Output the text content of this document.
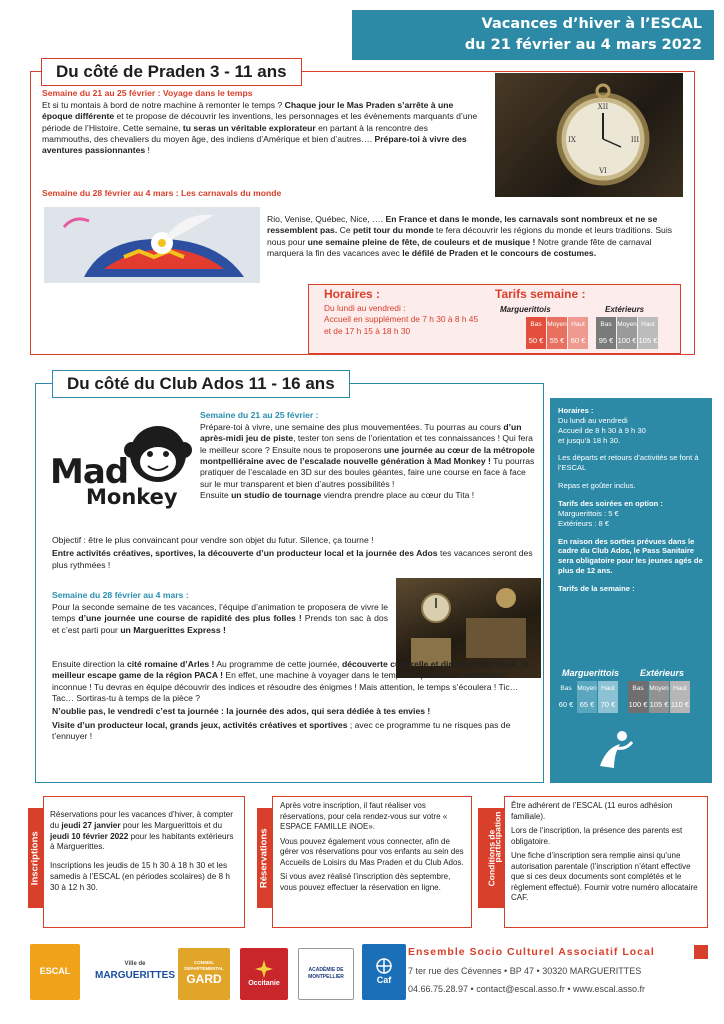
Vacances d’hiver à l’ESCAL
du 21 février au 4 mars 2022
Du côté de Praden 3 - 11 ans
Semaine du 21 au 25 février : Voyage dans le temps
Et si tu montais à bord de notre machine à remonter le temps ? Chaque jour le Mas Praden s’arrête à une époque différente et te propose de découvrir les inventions, les personnages et les évènements marquants d’une période de l’Histoire. Cette semaine, tu seras un véritable explorateur en partant à la rencontre des mammouths, des chevaliers du moyen âge, des indiens d’Amérique et bien d’autres…. Prépare-toi à vivre des aventures passionnantes !
XII
III
VI
IX
Semaine du 28 février au 4 mars : Les carnavals du monde
Rio, Venise, Québec, Nice, …. En France et dans le monde, les carnavals sont nombreux et ne se ressemblent pas. Ce petit tour du monde te fera découvrir les régions du monde et leurs traditions. Suis nous pour une semaine pleine de fête, de couleurs et de musique ! Notre grande fête de carnaval marquera la fin des vacances avec le défilé de Praden et le concours de costumes.
Horaires :
Du lundi au vendredi :
Accueil en supplément de 7 h 30 à 8 h 45
et de 17 h 15 à 18 h 30
Tarifs semaine :
Marguerittois	Extérieurs
Bas
50 €
Moyen
55 €
Haut
60 €
Bas
95 €
Moyen
100 €
Haut
105 €
Du côté du Club Ados 11 - 16 ans
Mad
Monkey
Semaine du 21 au 25 février :
Prépare-toi à vivre, une semaine des plus mouvementées. Tu pourras au cours d’un après-midi jeu de piste, tester ton sens de l’orientation et tes connaissances ! Qui fera le meilleur score ? Ensuite nous te proposerons une journée au cœur de la métropole montpelliéraine avec de l’escalade nouvelle génération à Mad Monkey ! Tu pourras pratiquer de l’escalade en 3D sur des boules géantes, faire une course en face à face sur le mur transparent et bien d’autres possibilités !

Ensuite un studio de tournage viendra prendre place au cœur du Tita !

Objectif : être le plus convaincant pour vendre son objet du futur. Silence, ça tourne !

Entre activités créatives, sportives, la découverte d’un producteur local et la journée des Ados tes vacances seront des plus rythmées !

Semaine du 28 février au 4 mars :
Pour la seconde semaine de tes vacances, l’équipe d’animation te proposera de vivre le temps d’une journée une course de rapidité des plus folles ! Prends ton sac à dos et c’est parti pour un Marguerittes Express !

Ensuite direction la cité romaine d’Arles ! Au programme de cette journée, découverte culturelle et direction Get Back, le meilleur escape game de la région PACA ! En effet, une machine à voyager dans le temps t’expédiera en destination inconnue ! Tu devras en équipe découvrir des indices et résoudre des énigmes ! Mais attention, le temps s’écoulera ! Tic… Tac… Sortiras-tu à temps de la pièce ?

N’oublie pas, le vendredi c’est ta journée : la journée des ados, qui sera dédiée à tes envies !

Visite d’un producteur local, grands jeux, activités créatives et sportives ; avec ce programme tu ne risques pas de t’ennuyer !

Horaires :
Du lundi au vendredi
Accueil de 8 h 30 à 9 h 30
et jusqu’à 18 h 30.

Les départs et retours d’activités se font à l’ESCAL

Repas et goûter inclus.

Tarifs des soirées en option :
Marguerittois : 5 €
Extérieurs : 8 €

En raison des sorties prévues dans le cadre du Club Ados, le Pass Sanitaire sera obligatoire pour les jeunes agés de plus de 12 ans.

Tarifs de la semaine :

Marguerittois Extérieurs
Bas
60 €
Moyen
65 €
Haut
70 €
Bas
100 €
Moyen
105 €
Haut
110 €
Inscriptions

Réservations pour les vacances d’hiver, à compter du jeudi 27 janvier pour les Marguerittois et du jeudi 10 février 2022 pour les habitants extérieurs à Marguerittes.

Inscriptions les jeudis de 15 h 30 à 18 h 30 et les samedis à l’ESCAL (en périodes scolaires) de 8 h 30 à 12 h 30.	Réservations

Après votre inscription, il faut réaliser vos réservations, pour cela rendez-vous sur votre « ESPACE FAMILLE iNOE».

Vous pouvez également vous connecter, afin de gérer vos réservations pour vos enfants au sein des Accueils de Loisirs du Mas Praden et du Club Ados.

Si vous avez réalisé l’inscription dès septembre, vous pouvez effectuer la réservation en ligne.

Conditions de
participation

Être adhérent de l’ESCAL (11 euros adhésion familiale).

Lors de l’inscription, la présence des parents est obligatoire.

Une fiche d’inscription sera remplie ainsi qu’une autorisation parentale (l’inscription n’étant effective que si ces deux documents sont complétés et le règlement effectué). Fournir votre numéro allocataire CAF.

ESCAL
Ville de
MARGUERITTES
CONSEIL DÉPARTEMENTAL
GARD	Occitanie
ACADÉMIE DE MONTPELLIER	Caf
Ensemble Socio Culturel Associatif Local
7 ter rue des Cévennes • BP 47 • 30320 MARGUERITTES
04.66.75.28.97 • contact@escal.asso.fr • www.escal.asso.fr
